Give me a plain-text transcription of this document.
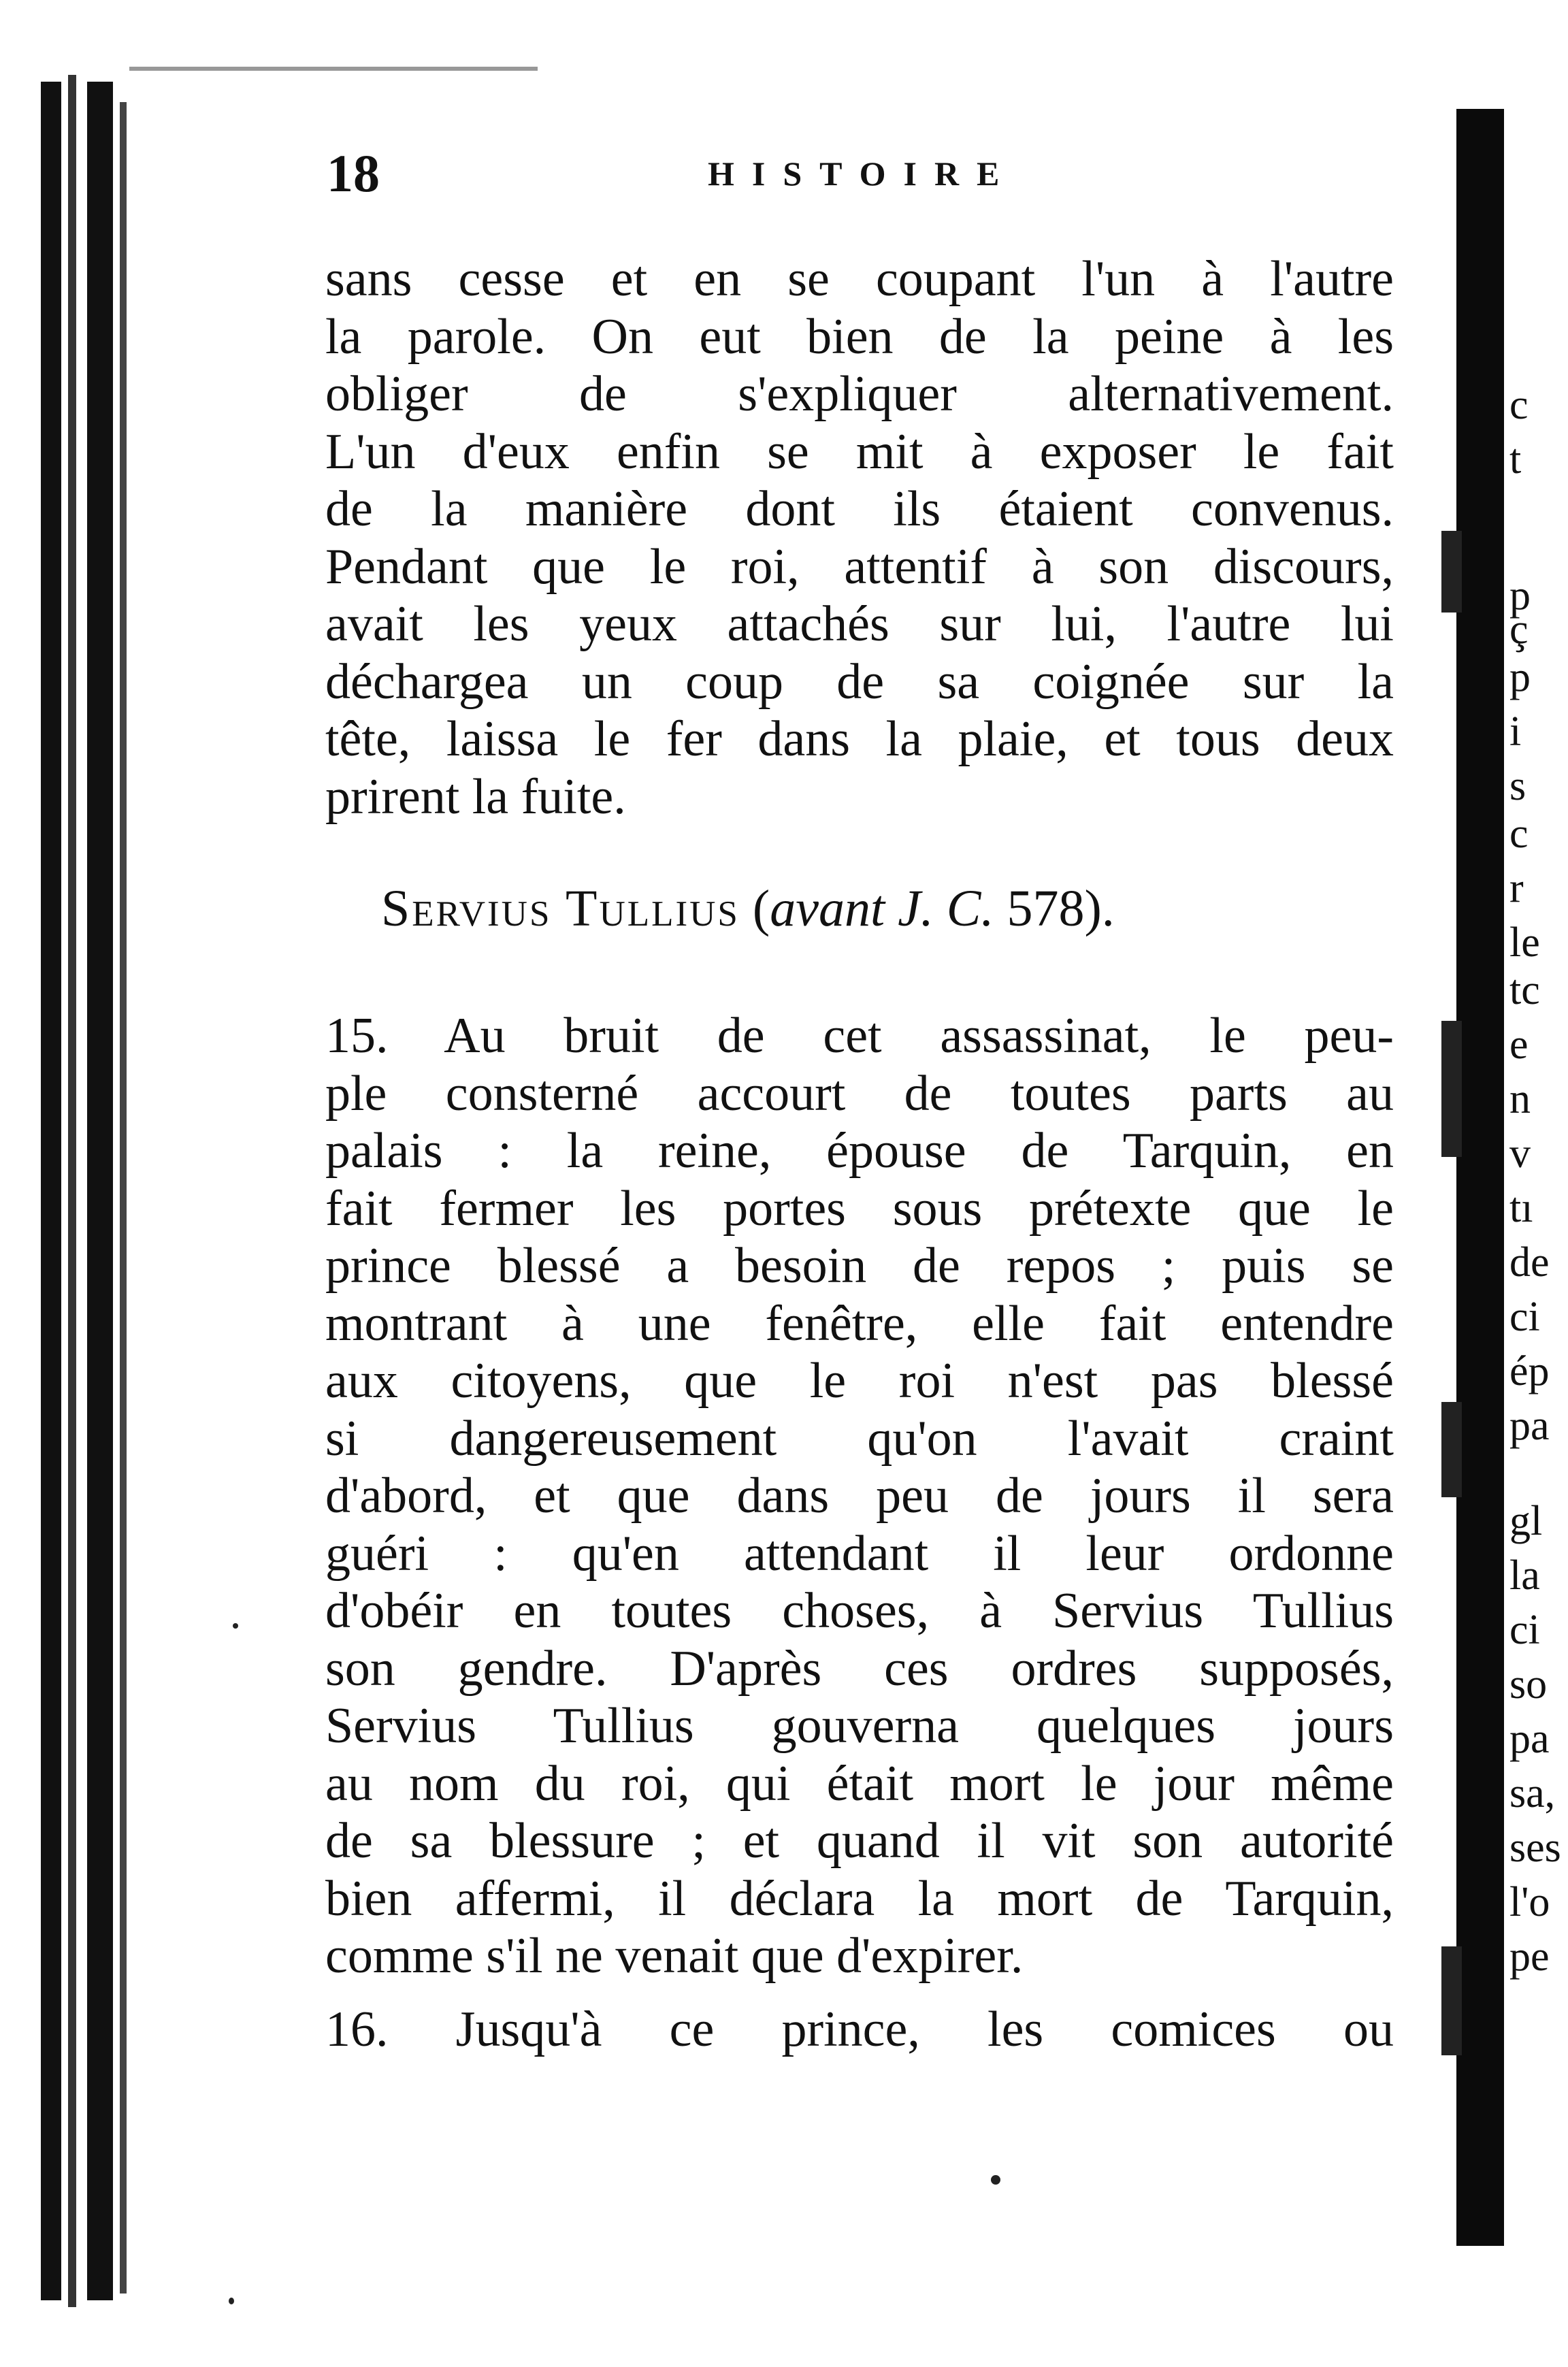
18	HISTOIRE
sans cesse et en se coupant l'un à l'autre
la parole. On eut bien de la peine à les
obliger de s'expliquer alternativement.
L'un d'eux enfin se mit à exposer le fait
de la manière dont ils étaient convenus.
Pendant que le roi, attentif à son discours,
avait les yeux attachés sur lui, l'autre lui
déchargea un coup de sa coignée sur la
tête, laissa le fer dans la plaie, et tous deux
prirent la fuite.
Servius Tullius (avant J. C. 578).
15. Au bruit de cet assassinat, le peu-
ple consterné accourt de toutes parts au
palais : la reine, épouse de Tarquin, en
fait fermer les portes sous prétexte que le
prince blessé a besoin de repos ; puis se
montrant à une fenêtre, elle fait entendre
aux citoyens, que le roi n'est pas blessé
si dangereusement qu'on l'avait craint
d'abord, et que dans peu de jours il sera
guéri : qu'en attendant il leur ordonne
d'obéir en toutes choses, à Servius Tullius
son gendre. D'après ces ordres supposés,
Servius Tullius gouverna quelques jours
au nom du roi, qui était mort le jour même
de sa blessure ; et quand il vit son autorité
bien affermi, il déclara la mort de Tarquin,
comme s'il ne venait que d'expirer.
16. Jusqu'à ce prince, les comices ou
c
t
p
ç
p
i
s
c
r
le
tc
e
n
v
tı
de
ci
ép
pa
gl
la
ci
so
pa
sa,
ses
l'o
pe
